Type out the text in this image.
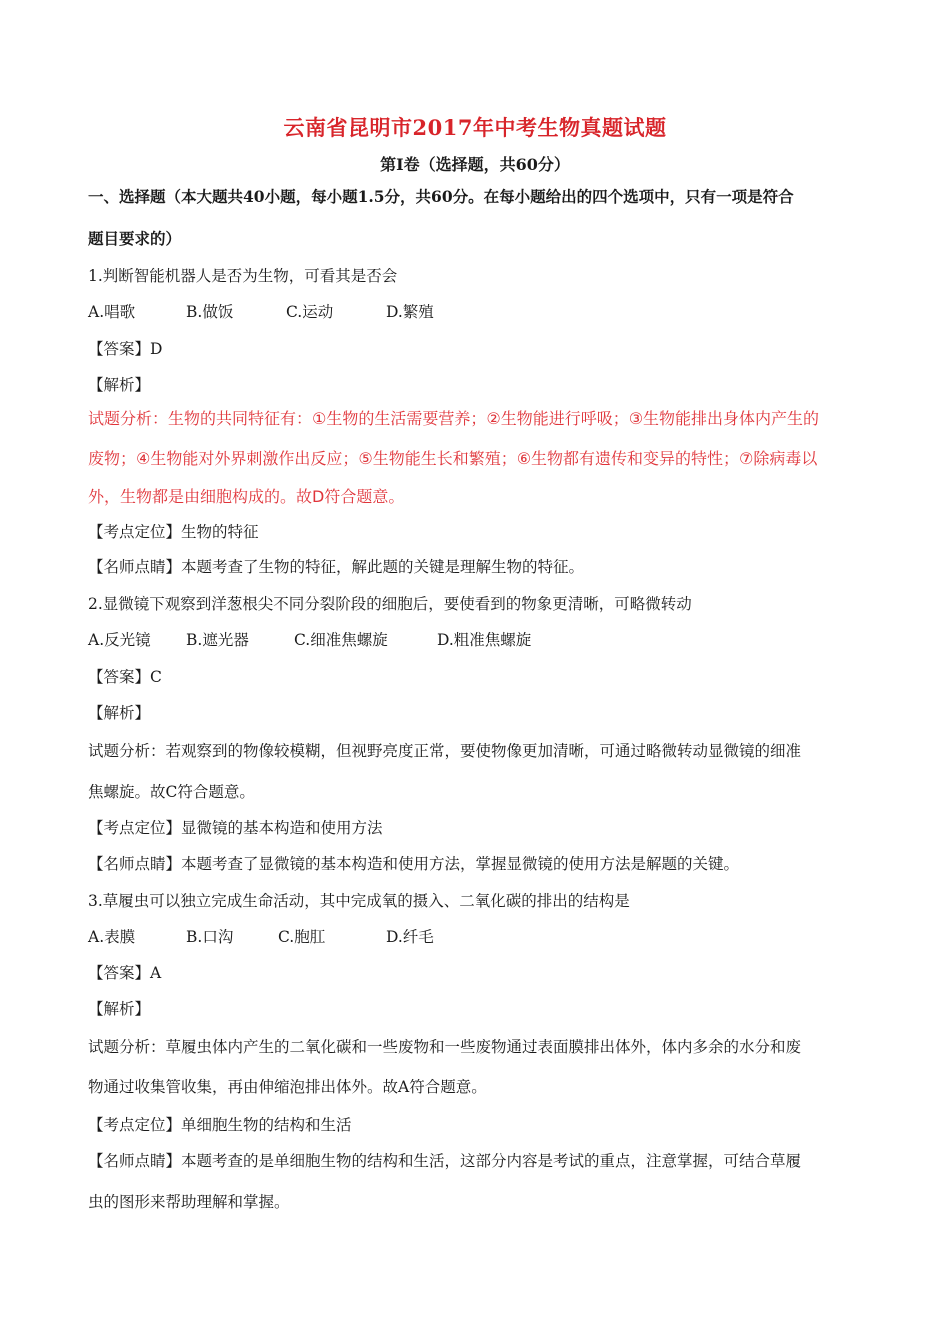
云南省昆明市2017年中考生物真题试题
第Ⅰ卷（选择题，共60分）
一、选择题（本大题共40小题，每小题1.5分，共60分。在每小题给出的四个选项中，只有一项是符合
题目要求的）
1.判断智能机器人是否为生物，可看其是否会
A.唱歌	B.做饭	C.运动	D.繁殖
【答案】D
【解析】
试题分析：生物的共同特征有：①生物的生活需要营养；②生物能进行呼吸；③生物能排出身体内产生的
废物；④生物能对外界刺激作出反应；⑤生物能生长和繁殖；⑥生物都有遗传和变异的特性；⑦除病毒以
外，生物都是由细胞构成的。故D符合题意。
【考点定位】生物的特征
【名师点睛】本题考查了生物的特征，解此题的关键是理解生物的特征。
2.显微镜下观察到洋葱根尖不同分裂阶段的细胞后，要使看到的物象更清晰，可略微转动
A.反光镜 B.遮光器	C.细准焦螺旋	D.粗准焦螺旋
【答案】C
【解析】
试题分析：若观察到的物像较模糊，但视野亮度正常，要使物像更加清晰，可通过略微转动显微镜的细准
焦螺旋。故C符合题意。
【考点定位】显微镜的基本构造和使用方法
【名师点睛】本题考查了显微镜的基本构造和使用方法，掌握显微镜的使用方法是解题的关键。
3.草履虫可以独立完成生命活动，其中完成氧的摄入、二氧化碳的排出的结构是
A.表膜	B.口沟	C.胞肛	D.纤毛
【答案】A
【解析】
试题分析：草履虫体内产生的二氧化碳和一些废物和一些废物通过表面膜排出体外，体内多余的水分和废
物通过收集管收集，再由伸缩泡排出体外。故A符合题意。
【考点定位】单细胞生物的结构和生活
【名师点睛】本题考查的是单细胞生物的结构和生活，这部分内容是考试的重点，注意掌握，可结合草履
虫的图形来帮助理解和掌握。
